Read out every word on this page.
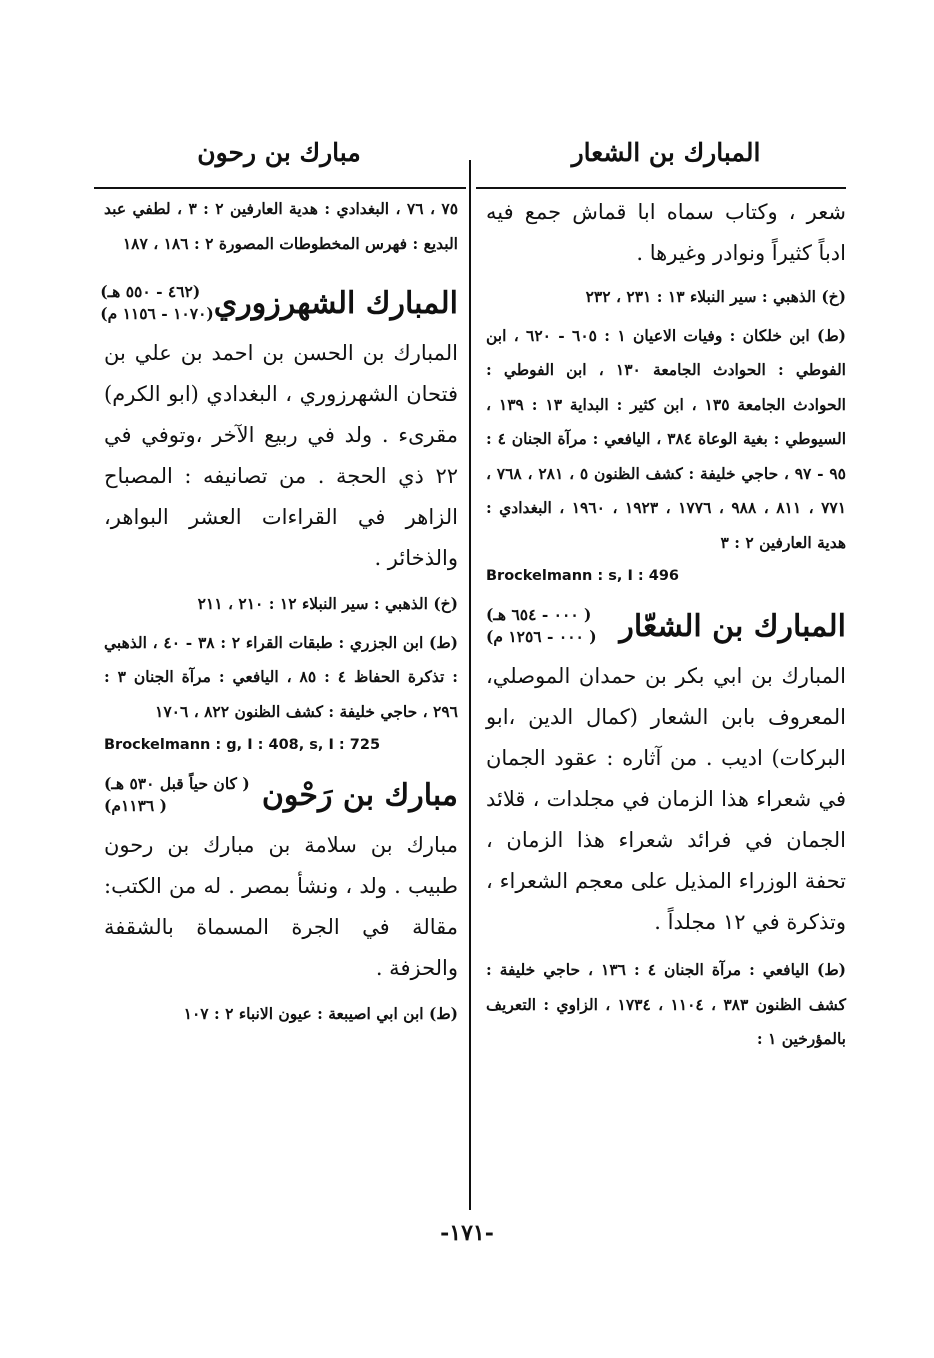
المبارك بن الشعار
مبارك بن رحون

شعر ، وكتاب سماه ابا قماش جمع فيه ادباً كثيراً ونوادر وغيرها .

(خ) الذهبي : سير النبلاء ١٣ : ٢٣١ ، ٢٣٢

(ط) ابن خلكان : وفيات الاعيان ١ : ٦٠٥ - ٦٢٠ ، ابن الفوطي : الحوادث الجامعة ١٣٠ ، ابن الفوطي : الحوادث الجامعة ١٣٥ ، ابن كثير : البداية ١٣ : ١٣٩ ، السيوطي : بغية الوعاة ٣٨٤ ، اليافعي : مرآة الجنان ٤ : ٩٥ - ٩٧ ، حاجي خليفة : كشف الظنون ٥ ، ٢٨١ ، ٧٦٨ ، ٧٧١ ، ٨١١ ، ٩٨٨ ، ١٧٧٦ ، ١٩٢٣ ، ١٩٦٠ ، البغدادي : هدية العارفين ٢ : ٣

Brockelmann : s, I : 496

المبارك بن الشعّار
( ٠٠٠ - ٦٥٤ هـ)
( ٠٠٠ - ١٢٥٦ م)

المبارك بن ابي بكر بن حمدان الموصلي، المعروف بابن الشعار (كمال الدين ،ابو البركات) اديب . من آثاره : عقود الجمان في شعراء هذا الزمان في مجلدات ، قلائد الجمان في فرائد شعراء هذا الزمان ، تحفة الوزراء المذيل على معجم الشعراء ، وتذكرة في ١٢ مجلداً .

(ط) اليافعي : مرآة الجنان ٤ : ١٣٦ ، حاجي خليفة : كشف الظنون ٣٨٣ ، ١١٠٤ ، ١٧٣٤ ، الزاوي : التعريف بالمؤرخين ١ :

٧٥ ، ٧٦ ، البغدادي : هدية العارفين ٢ : ٣ ، لطفي عبد البديع : فهرس المخطوطات المصورة ٢ : ١٨٦ ، ١٨٧

المبارك الشهرزوري
(٤٦٢ - ٥٥٠ هـ)
(١٠٧٠ - ١١٥٦ م)

المبارك بن الحسن بن احمد بن علي بن فتحان الشهرزوري ، البغدادي (ابو الكرم) مقرىء . ولد في ربيع الآخر ،وتوفي في ٢٢ ذي الحجة . من تصانيفه : المصباح الزاهر في القراءات العشر البواهر، والذخائر .

(خ) الذهبي : سير النبلاء ١٢ : ٢١٠ ، ٢١١

(ط) ابن الجزري : طبقات القراء ٢ : ٣٨ - ٤٠ ، الذهبي : تذكرة الحفاظ ٤ : ٨٥ ، اليافعي : مرآة الجنان ٣ : ٢٩٦ ، حاجي خليفة : كشف الظنون ٨٢٢ ، ١٧٠٦

Brockelmann : g, I : 408, s, I : 725

مبارك بن رَحْون
( كان حياً قبل ٥٣٠ هـ)
( ١١٣٦م)

مبارك بن سلامة بن مبارك بن رحون طبيب . ولد ، ونشأ بمصر . له من الكتب: مقالة في الجرة المسماة بالشقفة والحزفة .

(ط) ابن ابي اصيبعة : عيون الانباء ٢ : ١٠٧

-١٧١-
